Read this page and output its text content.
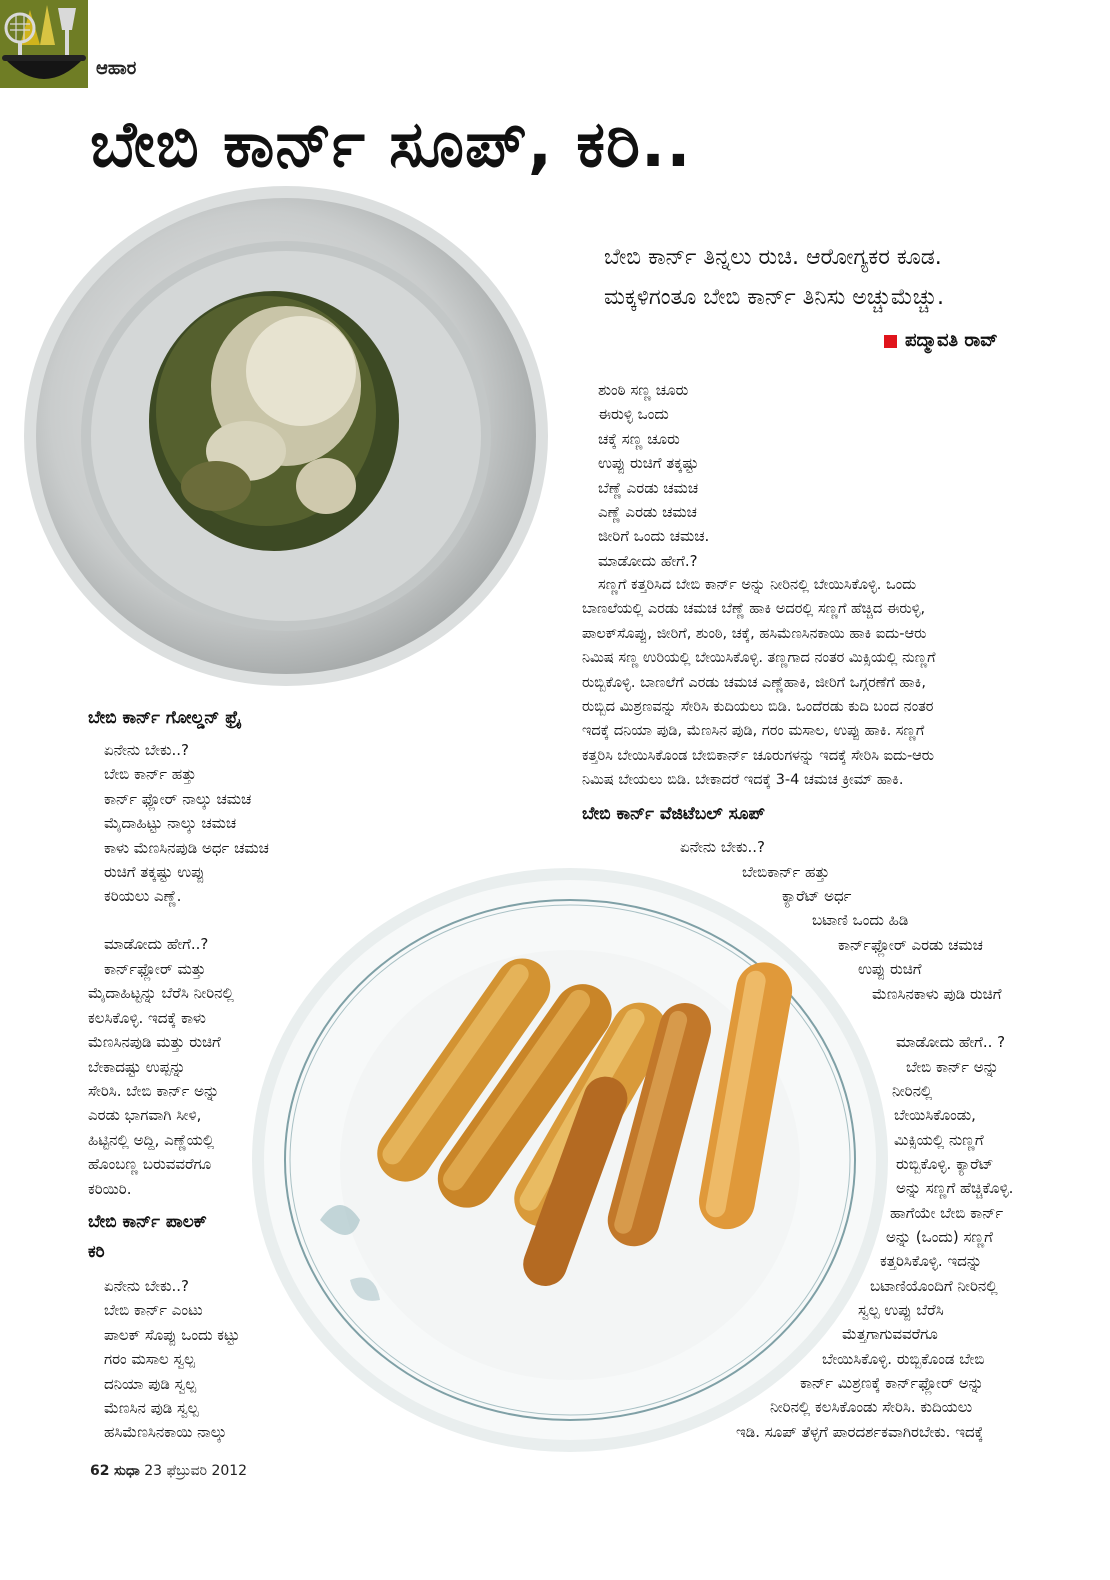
ಆಹಾರ
ಬೇಬಿ ಕಾರ್ನ್ ಸೂಪ್, ಕರಿ..
ಬೇಬಿ ಕಾರ್ನ್ ತಿನ್ನಲು ರುಚಿ. ಆರೋಗ್ಯಕರ ಕೂಡ.
ಮಕ್ಕಳಿಗಂತೂ ಬೇಬಿ ಕಾರ್ನ್ ತಿನಿಸು ಅಚ್ಚುಮೆಚ್ಚು.
ಪದ್ಮಾವತಿ ರಾವ್
ಶುಂಠಿ ಸಣ್ಣ ಚೂರು
ಈರುಳ್ಳಿ ಒಂದು
ಚಕ್ಕೆ ಸಣ್ಣ ಚೂರು
ಉಪ್ಪು ರುಚಿಗೆ ತಕ್ಕಷ್ಟು
ಬೆಣ್ಣೆ ಎರಡು ಚಮಚ
ಎಣ್ಣೆ ಎರಡು ಚಮಚ
ಜೀರಿಗೆ ಒಂದು ಚಮಚ.
ಮಾಡೋದು ಹೇಗೆ.?
ಸಣ್ಣಗೆ ಕತ್ತರಿಸಿದ ಬೇಬಿ ಕಾರ್ನ್ ಅನ್ನು ನೀರಿನಲ್ಲಿ ಬೇಯಿಸಿಕೊಳ್ಳಿ. ಒಂದು
ಬಾಣಲೆಯಲ್ಲಿ ಎರಡು ಚಮಚ ಬೆಣ್ಣೆ ಹಾಕಿ ಅದರಲ್ಲಿ ಸಣ್ಣಗೆ ಹೆಚ್ಚಿದ ಈರುಳ್ಳಿ,
ಪಾಲಕ್‌ಸೊಪ್ಪು, ಜೀರಿಗೆ, ಶುಂಠಿ, ಚಕ್ಕೆ, ಹಸಿಮೆಣಸಿನಕಾಯಿ ಹಾಕಿ ಐದು-ಆರು
ನಿಮಿಷ ಸಣ್ಣ ಉರಿಯಲ್ಲಿ ಬೇಯಿಸಿಕೊಳ್ಳಿ. ತಣ್ಣಗಾದ ನಂತರ ಮಿಕ್ಸಿಯಲ್ಲಿ ನುಣ್ಣಗೆ
ರುಬ್ಬಿಕೊಳ್ಳಿ. ಬಾಣಲೆಗೆ ಎರಡು ಚಮಚ ಎಣ್ಣೆಹಾಕಿ, ಜೀರಿಗೆ ಒಗ್ಗರಣೆಗೆ ಹಾಕಿ,
ರುಬ್ಬಿದ ಮಿಶ್ರಣವನ್ನು ಸೇರಿಸಿ ಕುದಿಯಲು ಬಿಡಿ. ಒಂದೆರಡು ಕುದಿ ಬಂದ ನಂತರ
ಇದಕ್ಕೆ ದನಿಯಾ ಪುಡಿ, ಮೆಣಸಿನ ಪುಡಿ, ಗರಂ ಮಸಾಲ, ಉಪ್ಪು ಹಾಕಿ. ಸಣ್ಣಗೆ
ಕತ್ತರಿಸಿ ಬೇಯಿಸಿಕೊಂಡ ಬೇಬಿಕಾರ್ನ್ ಚೂರುಗಳನ್ನು ಇದಕ್ಕೆ ಸೇರಿಸಿ ಐದು-ಆರು
ನಿಮಿಷ ಬೇಯಲು ಬಿಡಿ. ಬೇಕಾದರೆ ಇದಕ್ಕೆ 3-4 ಚಮಚ ಕ್ರೀಮ್ ಹಾಕಿ.
ಬೇಬಿ ಕಾರ್ನ್ ವೆಜಿಟೆಬಲ್ ಸೂಪ್
ಏನೇನು ಬೇಕು..?
ಬೇಬಿಕಾರ್ನ್ ಹತ್ತು
ಕ್ಯಾರೆಟ್ ಅರ್ಧ
ಬಟಾಣಿ ಒಂದು ಹಿಡಿ
ಕಾರ್ನ್‌ಫ್ಲೋರ್ ಎರಡು ಚಮಚ
ಉಪ್ಪು ರುಚಿಗೆ
ಮೆಣಸಿನಕಾಳು ಪುಡಿ ರುಚಿಗೆ
ಮಾಡೋದು ಹೇಗೆ.. ?
ಬೇಬಿ ಕಾರ್ನ್ ಅನ್ನು
ನೀರಿನಲ್ಲಿ
ಬೇಯಿಸಿಕೊಂಡು,
ಮಿಕ್ಸಿಯಲ್ಲಿ ನುಣ್ಣಗೆ
ರುಬ್ಬಿಕೊಳ್ಳಿ. ಕ್ಯಾರೆಟ್
ಅನ್ನು ಸಣ್ಣಗೆ ಹೆಚ್ಚಿಕೊಳ್ಳಿ.
ಹಾಗೆಯೇ ಬೇಬಿ ಕಾರ್ನ್
ಅನ್ನು (ಒಂದು) ಸಣ್ಣಗೆ
ಕತ್ತರಿಸಿಕೊಳ್ಳಿ. ಇದನ್ನು
ಬಟಾಣಿಯೊಂದಿಗೆ ನೀರಿನಲ್ಲಿ
ಸ್ವಲ್ಪ ಉಪ್ಪು ಬೆರೆಸಿ
ಮೆತ್ತಗಾಗುವವರೆಗೂ
ಬೇಯಿಸಿಕೊಳ್ಳಿ. ರುಬ್ಬಿಕೊಂಡ ಬೇಬಿ
ಕಾರ್ನ್ ಮಿಶ್ರಣಕ್ಕೆ ಕಾರ್ನ್‌ಫ್ಲೋರ್ ಅನ್ನು
ನೀರಿನಲ್ಲಿ ಕಲಸಿಕೊಂಡು ಸೇರಿಸಿ. ಕುದಿಯಲು
ಇಡಿ. ಸೂಪ್ ತೆಳ್ಳಗೆ ಪಾರದರ್ಶಕವಾಗಿರಬೇಕು. ಇದಕ್ಕೆ
ಬೇಬಿ ಕಾರ್ನ್ ಗೋಲ್ಡನ್ ಫ್ರೈ
ಏನೇನು ಬೇಕು..?
ಬೇಬಿ ಕಾರ್ನ್ ಹತ್ತು
ಕಾರ್ನ್ ಫ್ಲೋರ್ ನಾಲ್ಕು ಚಮಚ
ಮೈದಾಹಿಟ್ಟು ನಾಲ್ಕು ಚಮಚ
ಕಾಳು ಮೆಣಸಿನಪುಡಿ ಅರ್ಧ ಚಮಚ
ರುಚಿಗೆ ತಕ್ಕಷ್ಟು ಉಪ್ಪು
ಕರಿಯಲು ಎಣ್ಣೆ.
ಮಾಡೋದು ಹೇಗೆ..?
ಕಾರ್ನ್‌ಫ್ಲೋರ್ ಮತ್ತು
ಮೈದಾಹಿಟ್ಟನ್ನು ಬೆರೆಸಿ ನೀರಿನಲ್ಲಿ
ಕಲಸಿಕೊಳ್ಳಿ. ಇದಕ್ಕೆ ಕಾಳು
ಮೆಣಸಿನಪುಡಿ ಮತ್ತು ರುಚಿಗೆ
ಬೇಕಾದಷ್ಟು ಉಪ್ಪನ್ನು
ಸೇರಿಸಿ. ಬೇಬಿ ಕಾರ್ನ್ ಅನ್ನು
ಎರಡು ಭಾಗವಾಗಿ ಸೀಳಿ,
ಹಿಟ್ಟಿನಲ್ಲಿ ಅದ್ದಿ, ಎಣ್ಣೆಯಲ್ಲಿ
ಹೊಂಬಣ್ಣ ಬರುವವರೆಗೂ
ಕರಿಯಿರಿ.
ಬೇಬಿ ಕಾರ್ನ್ ಪಾಲಕ್
ಕರಿ
ಏನೇನು ಬೇಕು..?
ಬೇಬಿ ಕಾರ್ನ್ ಎಂಟು
ಪಾಲಕ್ ಸೊಪ್ಪು ಒಂದು ಕಟ್ಟು
ಗರಂ ಮಸಾಲ ಸ್ವಲ್ಪ
ದನಿಯಾ ಪುಡಿ ಸ್ವಲ್ಪ
ಮೆಣಸಿನ ಪುಡಿ ಸ್ವಲ್ಪ
ಹಸಿಮೆಣಸಿನಕಾಯಿ ನಾಲ್ಕು
62 ಸುಧಾ 23 ಫೆಬ್ರುವರಿ 2012
